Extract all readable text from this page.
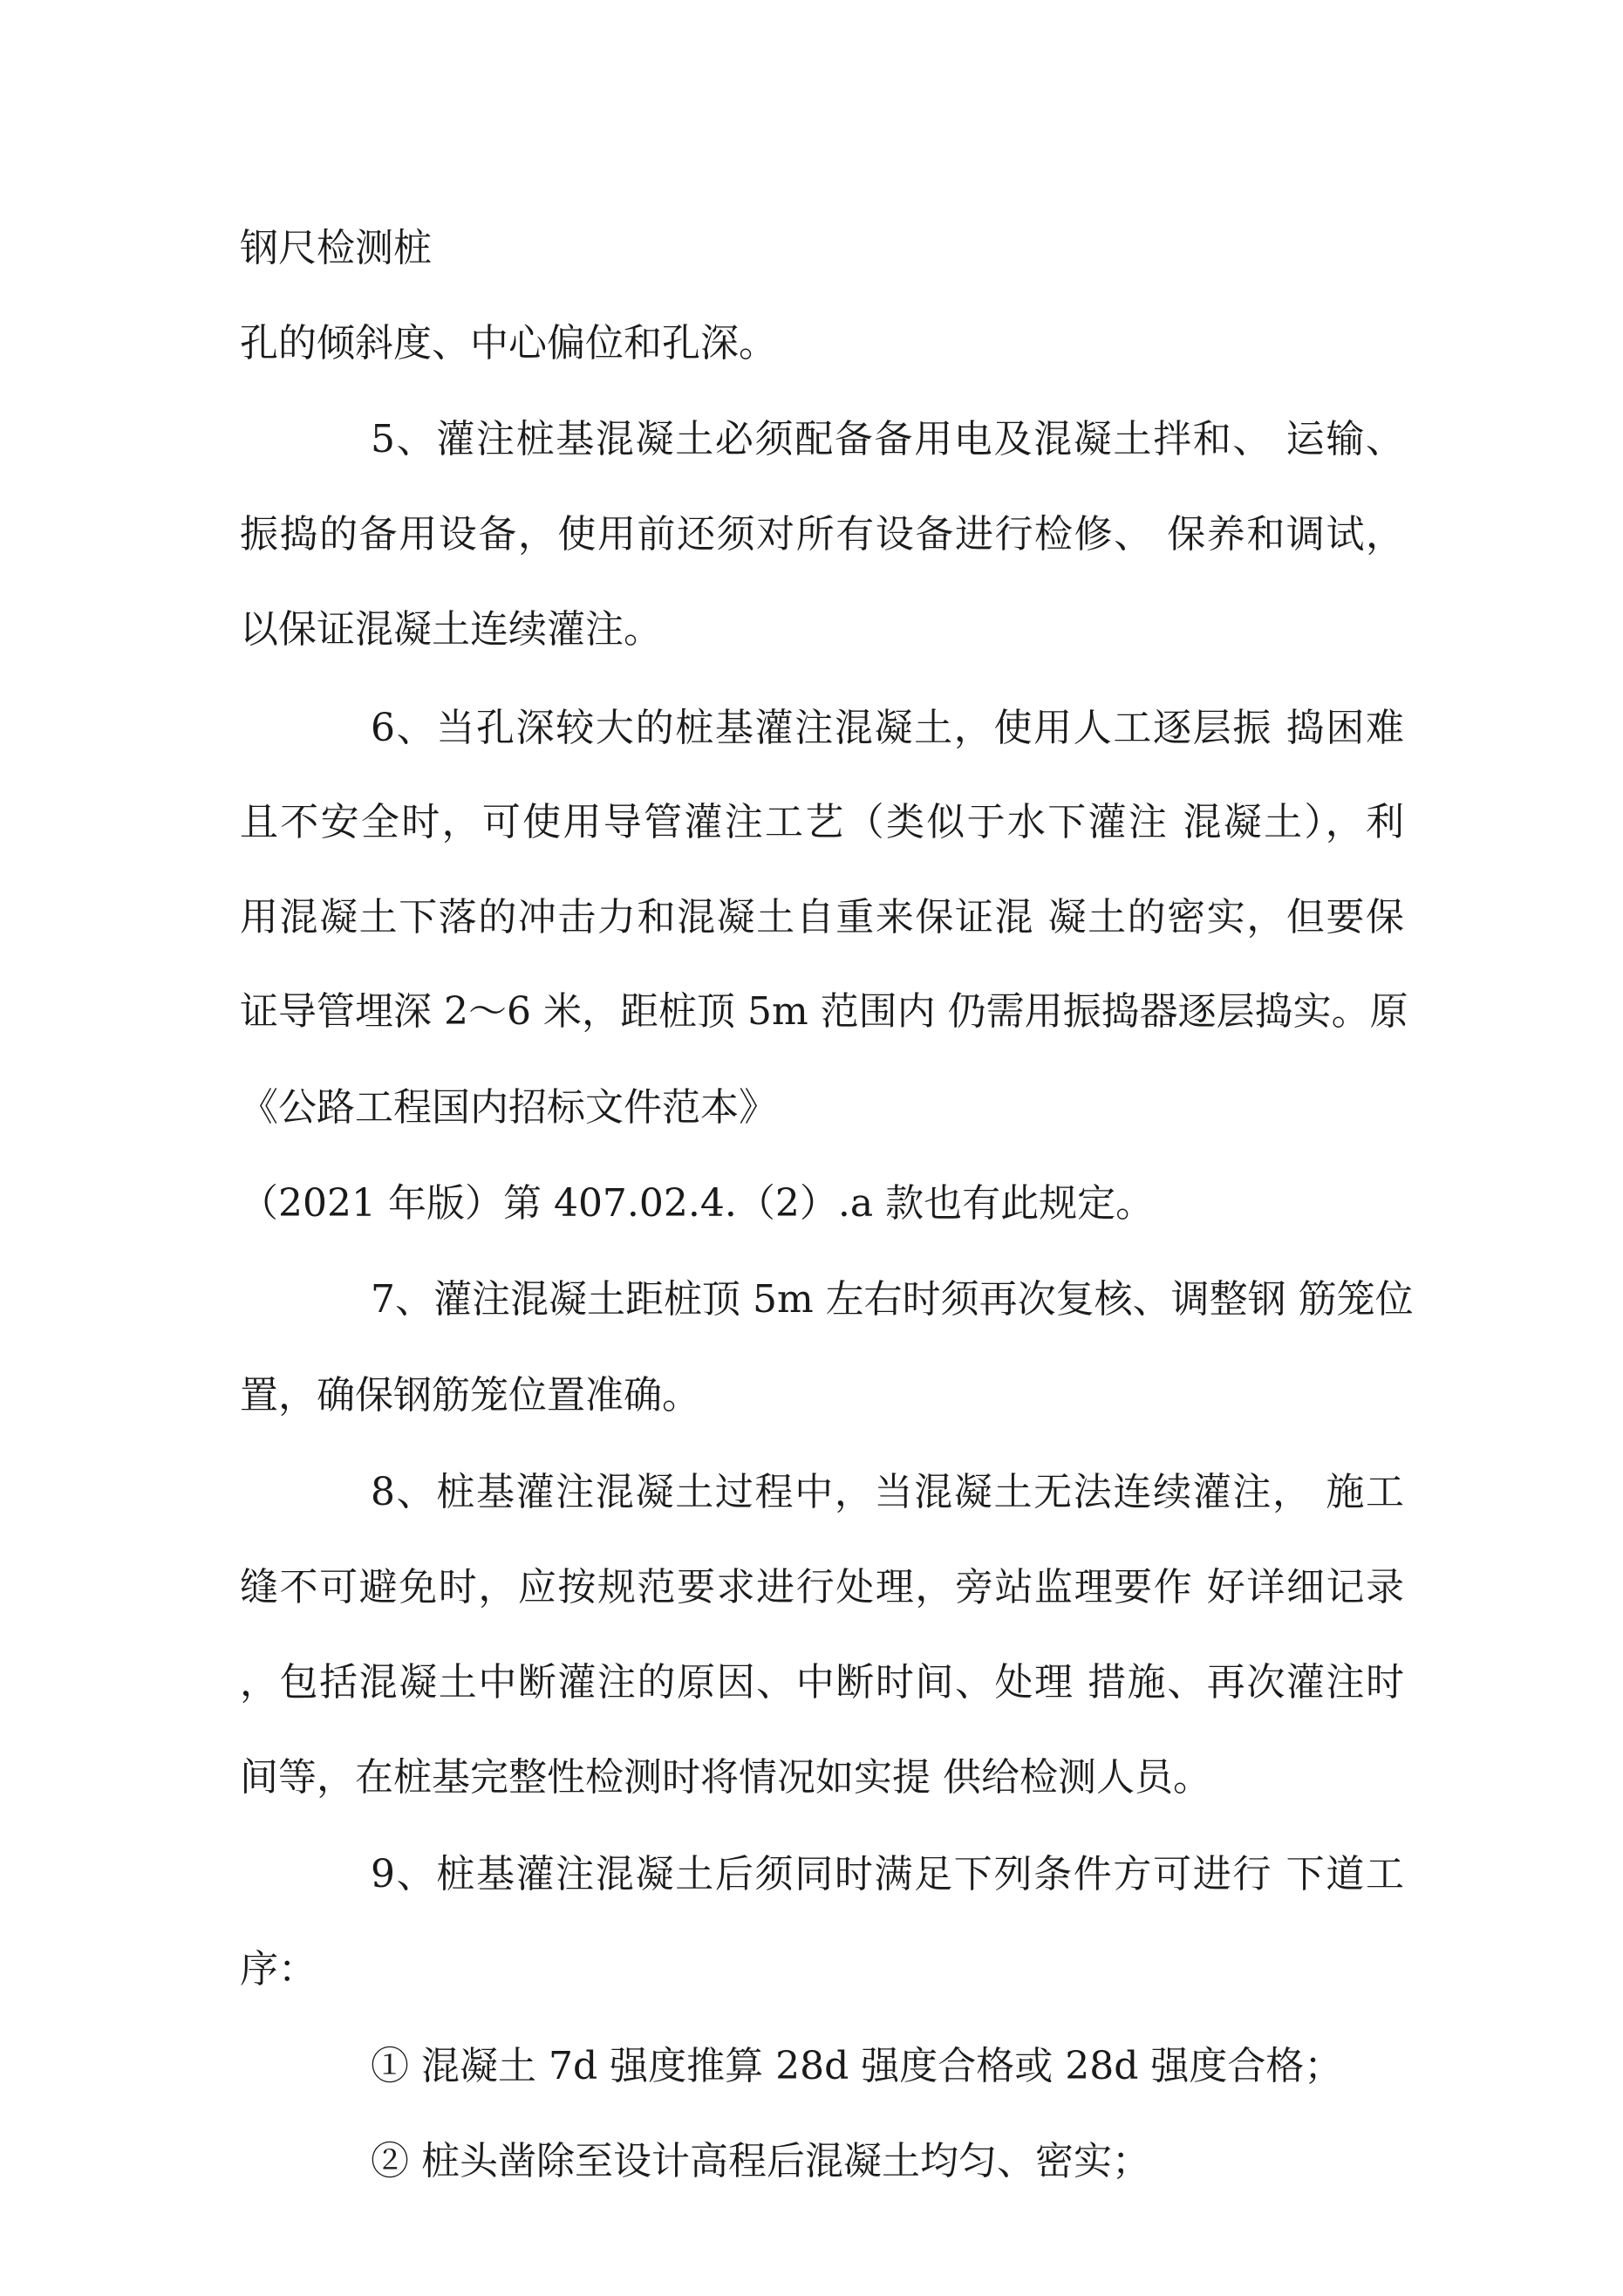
钢尺检测桩
孔的倾斜度、中心偏位和孔深。
5、灌注桩基混凝土必须配备备用电及混凝土拌和、 运输、
振捣的备用设备，使用前还须对所有设备进行检修、 保养和调试，
以保证混凝土连续灌注。
6、当孔深较大的桩基灌注混凝土，使用人工逐层振 捣困难
且不安全时，可使用导管灌注工艺（类似于水下灌注 混凝土），利
用混凝土下落的冲击力和混凝土自重来保证混 凝土的密实，但要保
证导管埋深 2〜6 米，距桩顶 5m 范围内 仍需用振捣器逐层捣实。原
《公路工程国内招标文件范本》
（2021 年版）第 407.02.4.（2）.a 款也有此规定。
7、灌注混凝土距桩顶 5m 左右时须再次复核、调整钢 筋笼位
置，确保钢筋笼位置准确。
8、桩基灌注混凝土过程中，当混凝土无法连续灌注， 施工
缝不可避免时，应按规范要求进行处理，旁站监理要作 好详细记录
，包括混凝土中断灌注的原因、中断时间、处理 措施、再次灌注时
间等，在桩基完整性检测时将情况如实提 供给检测人员。
9、桩基灌注混凝土后须同时满足下列条件方可进行 下道工
序：
① 混凝土 7d 强度推算 28d 强度合格或 28d 强度合格；
② 桩头凿除至设计高程后混凝土均匀、密实；
